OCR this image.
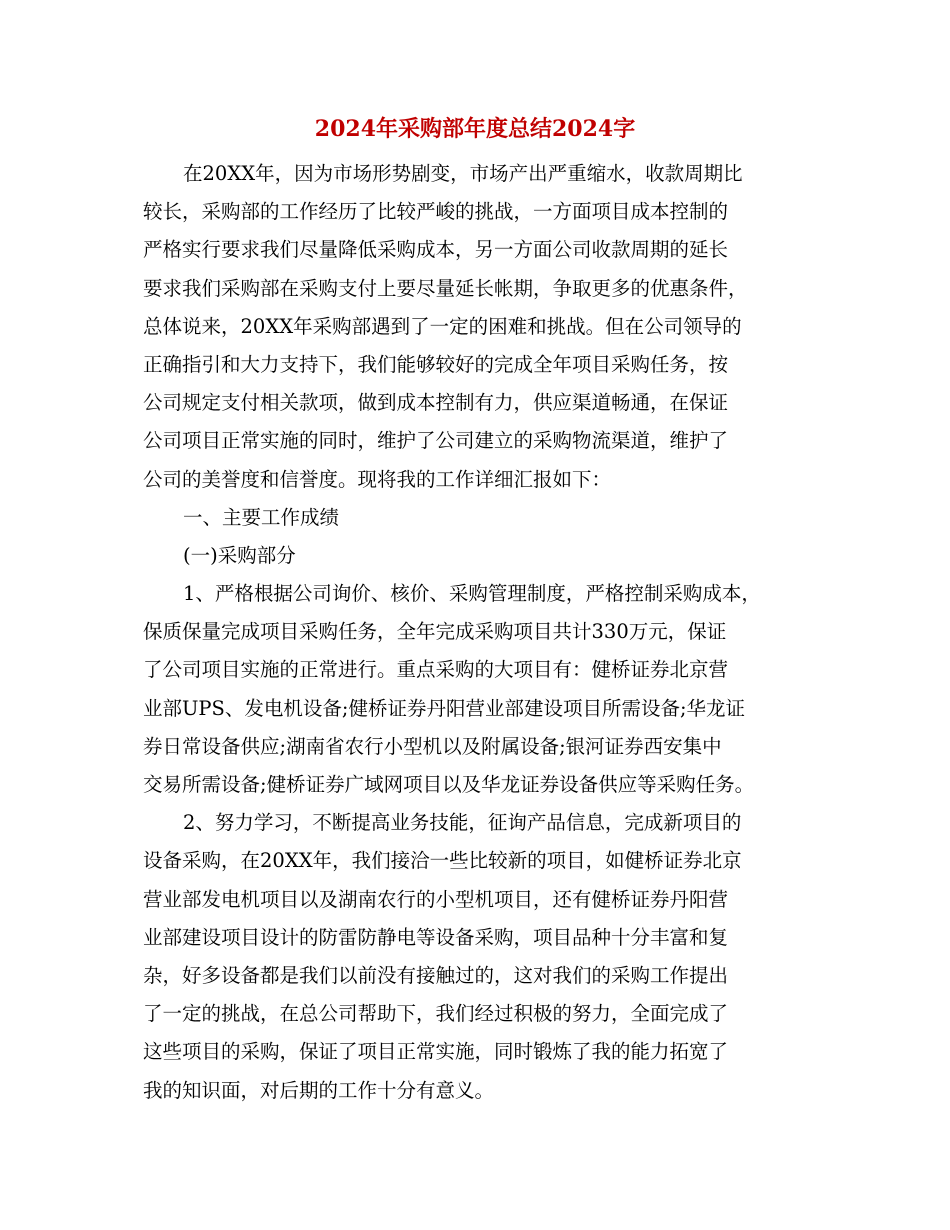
2024年采购部年度总结2024字
在20XX年，因为市场形势剧变，市场产出严重缩水，收款周期比
较长，采购部的工作经历了比较严峻的挑战，一方面项目成本控制的
严格实行要求我们尽量降低采购成本，另一方面公司收款周期的延长
要求我们采购部在采购支付上要尽量延长帐期，争取更多的优惠条件，
总体说来，20XX年采购部遇到了一定的困难和挑战。但在公司领导的
正确指引和大力支持下，我们能够较好的完成全年项目采购任务，按
公司规定支付相关款项，做到成本控制有力，供应渠道畅通，在保证
公司项目正常实施的同时，维护了公司建立的采购物流渠道，维护了
公司的美誉度和信誉度。现将我的工作详细汇报如下：
一、主要工作成绩
(一)采购部分
1、严格根据公司询价、核价、采购管理制度，严格控制采购成本，
保质保量完成项目采购任务，全年完成采购项目共计330万元，保证
了公司项目实施的正常进行。重点采购的大项目有：健桥证券北京营
业部UPS、发电机设备;健桥证券丹阳营业部建设项目所需设备;华龙证
券日常设备供应;湖南省农行小型机以及附属设备;银河证券西安集中
交易所需设备;健桥证券广域网项目以及华龙证券设备供应等采购任务。
2、努力学习，不断提高业务技能，征询产品信息，完成新项目的
设备采购，在20XX年，我们接洽一些比较新的项目，如健桥证券北京
营业部发电机项目以及湖南农行的小型机项目，还有健桥证券丹阳营
业部建设项目设计的防雷防静电等设备采购，项目品种十分丰富和复
杂，好多设备都是我们以前没有接触过的，这对我们的采购工作提出
了一定的挑战，在总公司帮助下，我们经过积极的努力，全面完成了
这些项目的采购，保证了项目正常实施，同时锻炼了我的能力拓宽了
我的知识面，对后期的工作十分有意义。
